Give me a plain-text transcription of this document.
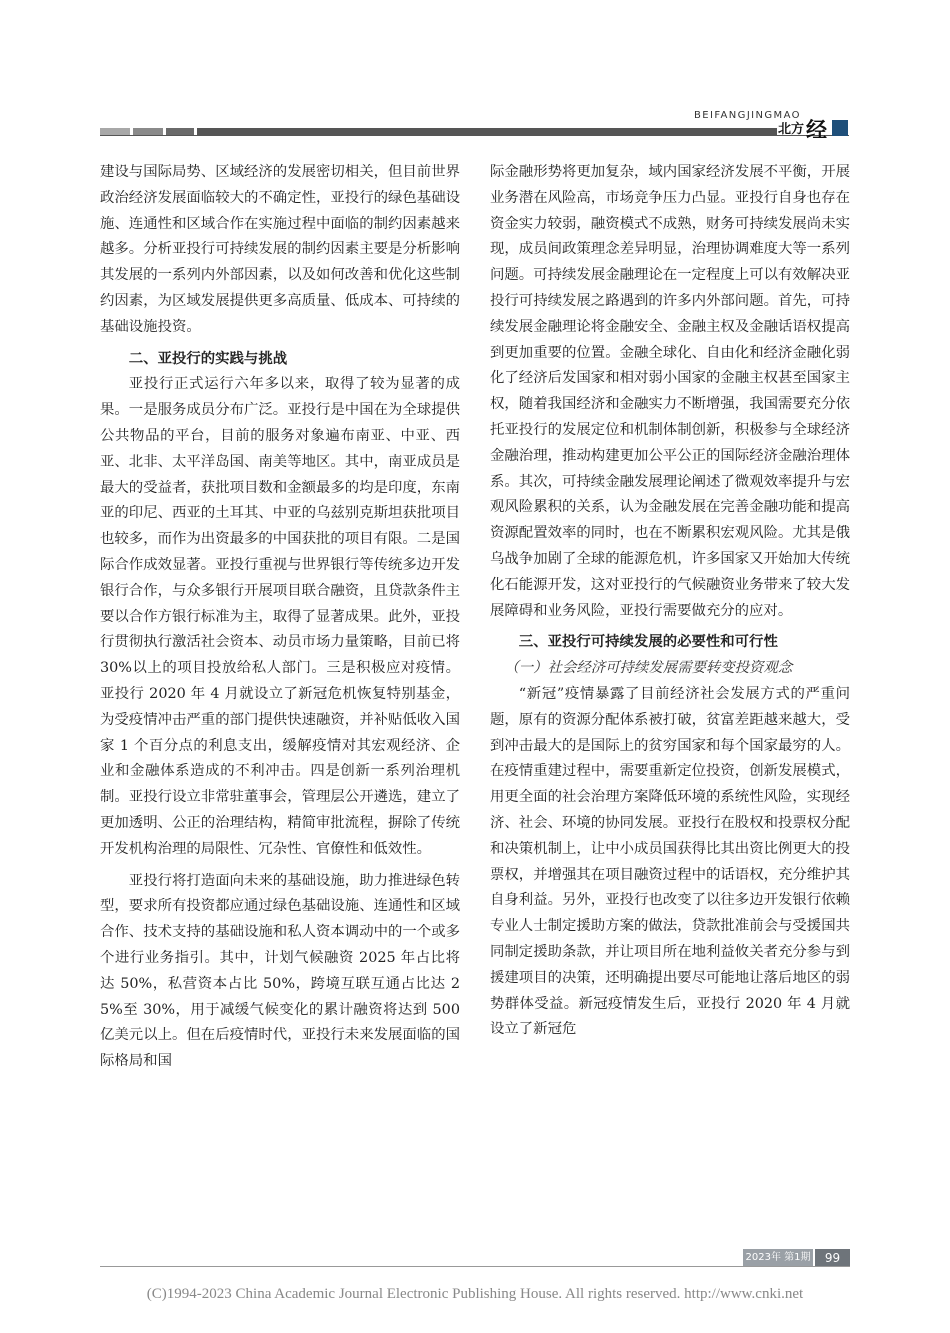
BEIFANGJINGMAO
北方 经

建设与国际局势、区域经济的发展密切相关，但目前世界政治经济发展面临较大的不确定性，亚投行的绿色基础设施、连通性和区域合作在实施过程中面临的制约因素越来越多。分析亚投行可持续发展的制约因素主要是分析影响其发展的一系列内外部因素，以及如何改善和优化这些制约因素，为区域发展提供更多高质量、低成本、可持续的基础设施投资。

二、亚投行的实践与挑战

亚投行正式运行六年多以来，取得了较为显著的成果。一是服务成员分布广泛。亚投行是中国在为全球提供公共物品的平台，目前的服务对象遍布南亚、中亚、西亚、北非、太平洋岛国、南美等地区。其中，南亚成员是最大的受益者，获批项目数和金额最多的均是印度，东南亚的印尼、西亚的土耳其、中亚的乌兹别克斯坦获批项目也较多，而作为出资最多的中国获批的项目有限。二是国际合作成效显著。亚投行重视与世界银行等传统多边开发银行合作，与众多银行开展项目联合融资，且贷款条件主要以合作方银行标准为主，取得了显著成果。此外，亚投行贯彻执行激活社会资本、动员市场力量策略，目前已将 30%以上的项目投放给私人部门。三是积极应对疫情。亚投行 2020 年 4 月就设立了新冠危机恢复特别基金，为受疫情冲击严重的部门提供快速融资，并补贴低收入国家 1 个百分点的利息支出，缓解疫情对其宏观经济、企业和金融体系造成的不利冲击。四是创新一系列治理机制。亚投行设立非常驻董事会，管理层公开遴选，建立了更加透明、公正的治理结构，精简审批流程，摒除了传统开发机构治理的局限性、冗杂性、官僚性和低效性。

亚投行将打造面向未来的基础设施，助力推进绿色转型，要求所有投资都应通过绿色基础设施、连通性和区域合作、技术支持的基础设施和私人资本调动中的一个或多个进行业务指引。其中，计划气候融资 2025 年占比将达 50%，私营资本占比 50%，跨境互联互通占比达 25%至 30%，用于减缓气候变化的累计融资将达到 500 亿美元以上。但在后疫情时代，亚投行未来发展面临的国际格局和国

际金融形势将更加复杂，域内国家经济发展不平衡，开展业务潜在风险高，市场竞争压力凸显。亚投行自身也存在资金实力较弱，融资模式不成熟，财务可持续发展尚未实现，成员间政策理念差异明显，治理协调难度大等一系列问题。可持续发展金融理论在一定程度上可以有效解决亚投行可持续发展之路遇到的许多内外部问题。首先，可持续发展金融理论将金融安全、金融主权及金融话语权提高到更加重要的位置。金融全球化、自由化和经济金融化弱化了经济后发国家和相对弱小国家的金融主权甚至国家主权，随着我国经济和金融实力不断增强，我国需要充分依托亚投行的发展定位和机制体制创新，积极参与全球经济金融治理，推动构建更加公平公正的国际经济金融治理体系。其次，可持续金融发展理论阐述了微观效率提升与宏观风险累积的关系，认为金融发展在完善金融功能和提高资源配置效率的同时，也在不断累积宏观风险。尤其是俄乌战争加剧了全球的能源危机，许多国家又开始加大传统化石能源开发，这对亚投行的气候融资业务带来了较大发展障碍和业务风险，亚投行需要做充分的应对。

三、亚投行可持续发展的必要性和可行性
（一）社会经济可持续发展需要转变投资观念

“新冠”疫情暴露了目前经济社会发展方式的严重问题，原有的资源分配体系被打破，贫富差距越来越大，受到冲击最大的是国际上的贫穷国家和每个国家最穷的人。在疫情重建过程中，需要重新定位投资，创新发展模式，用更全面的社会治理方案降低环境的系统性风险，实现经济、社会、环境的协同发展。亚投行在股权和投票权分配和决策机制上，让中小成员国获得比其出资比例更大的投票权，并增强其在项目融资过程中的话语权，充分维护其自身利益。另外，亚投行也改变了以往多边开发银行依赖专业人士制定援助方案的做法，贷款批准前会与受援国共同制定援助条款，并让项目所在地利益攸关者充分参与到援建项目的决策，还明确提出要尽可能地让落后地区的弱势群体受益。新冠疫情发生后，亚投行 2020 年 4 月就设立了新冠危

2023年 第1期	99
(C)1994-2023 China Academic Journal Electronic Publishing House. All rights reserved. http://www.cnki.net
